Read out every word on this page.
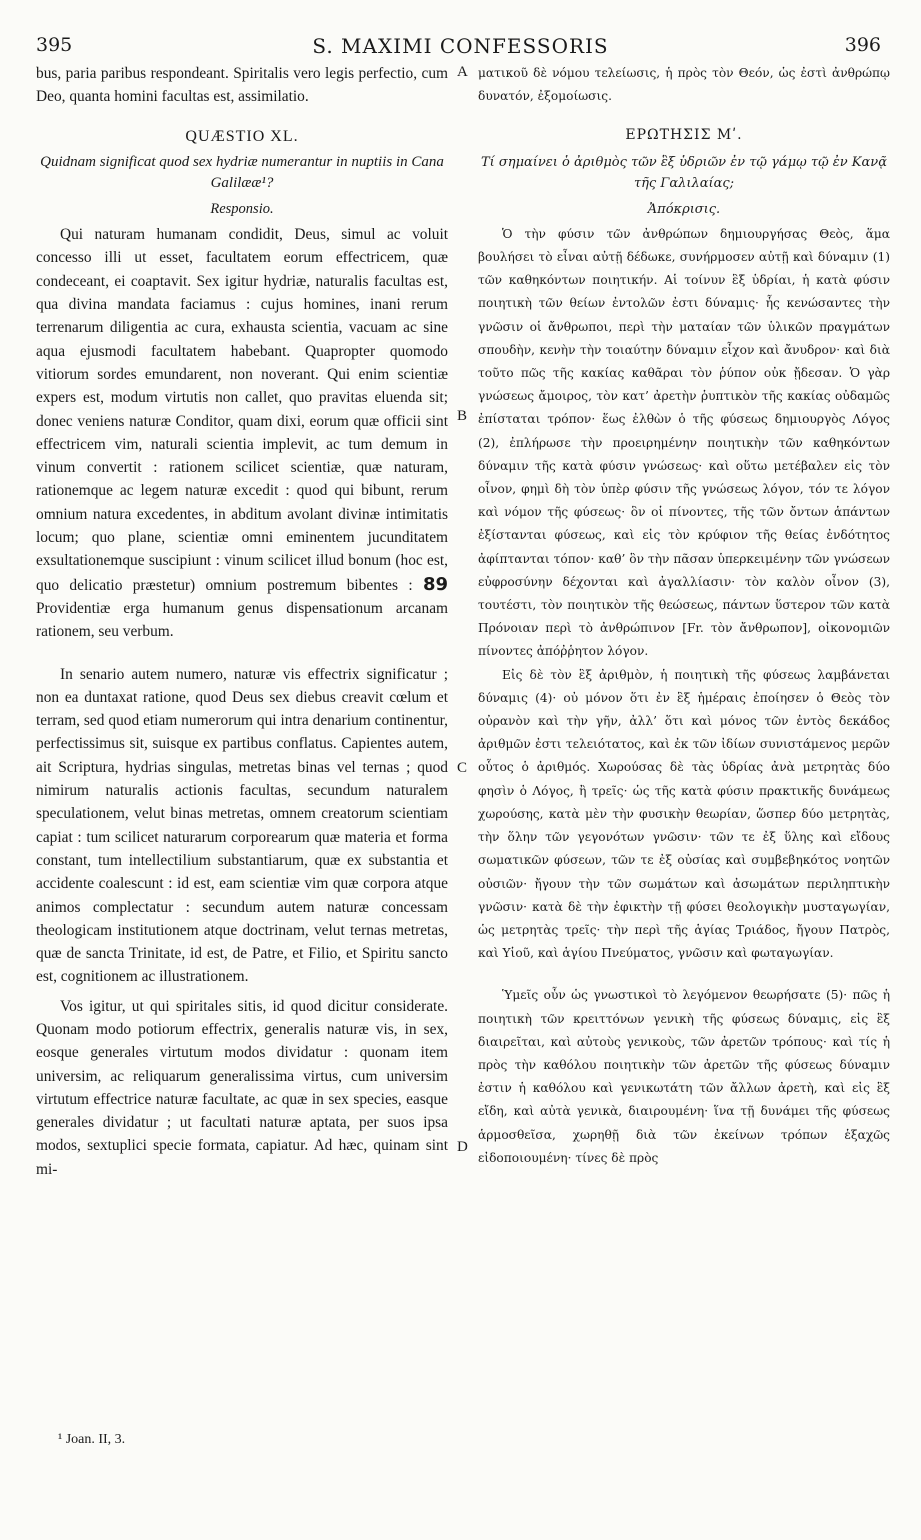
395	S. MAXIMI CONFESSORIS	396
A
B
C
D

bus, paria paribus respondeant. Spiritalis vero legis perfectio, cum Deo, quanta homini facultas est, assimilatio.

QUÆSTIO XL.
Quidnam significat quod sex hydriæ numerantur in nuptiis in Cana Galilææ¹?
Responsio.

Qui naturam humanam condidit, Deus, simul ac voluit concesso illi ut esset, facultatem eorum effectricem, quæ condeceant, ei coaptavit. Sex igitur hydriæ, naturalis facultas est, qua divina mandata faciamus : cujus homines, inani rerum terrenarum diligentia ac cura, exhausta scientia, vacuam ac sine aqua ejusmodi facultatem habebant. Quapropter quomodo vitiorum sordes emundarent, non noverant. Qui enim scientiæ expers est, modum virtutis non callet, quo pravitas eluenda sit; donec veniens naturæ Conditor, quam dixi, eorum quæ officii sint effectricem vim, naturali scientia implevit, ac tum demum in vinum convertit : rationem scilicet scientiæ, quæ naturam, rationemque ac legem naturæ excedit : quod qui bibunt, rerum omnium natura excedentes, in abditum avolant divinæ intimitatis locum; quo plane, scientiæ omni eminentem jucunditatem exsultationemque suscipiunt : vinum scilicet illud bonum (hoc est, quo delicatio præstetur) omnium postremum bibentes : 89 Providentiæ erga humanum genus dispensationum arcanam rationem, seu verbum.

In senario autem numero, naturæ vis effectrix significatur ; non ea duntaxat ratione, quod Deus sex diebus creavit cœlum et terram, sed quod etiam numerorum qui intra denarium continentur, perfectissimus sit, suisque ex partibus conflatus. Capientes autem, ait Scriptura, hydrias singulas, metretas binas vel ternas ; quod nimirum naturalis actionis facultas, secundum naturalem speculationem, velut binas metretas, omnem creatorum scientiam capiat : tum scilicet naturarum corporearum quæ materia et forma constant, tum intellectilium substantiarum, quæ ex substantia et accidente coalescunt : id est, eam scientiæ vim quæ corpora atque animos complectatur : secundum autem naturæ concessam theologicam institutionem atque doctrinam, velut ternas metretas, quæ de sancta Trinitate, id est, de Patre, et Filio, et Spiritu sancto est, cognitionem ac illustrationem.

Vos igitur, ut qui spiritales sitis, id quod dicitur considerate. Quonam modo potiorum effectrix, generalis naturæ vis, in sex, eosque generales virtutum modos dividatur : quonam item universim, ac reliquarum generalissima virtus, cum universim virtutum effectrice naturæ facultate, ac quæ in sex species, easque generales dividatur ; ut facultati naturæ aptata, per suos ipsa modos, sextuplici specie formata, capiatur. Ad hæc, quinam sint mi-

ματικοῦ δὲ νόμου τελείωσις, ἡ πρὸς τὸν Θεόν, ὡς ἐστὶ ἀνθρώπῳ δυνατόν, ἐξομοίωσις.

ΕΡΩΤΗΣΙΣ Μʹ.
Τί σημαίνει ὁ ἀριθμὸς τῶν ἓξ ὑδριῶν ἐν τῷ γάμῳ τῷ ἐν Κανᾷ τῆς Γαλιλαίας;
Ἀπόκρισις.

Ὁ τὴν φύσιν τῶν ἀνθρώπων δημιουργήσας Θεὸς, ἅμα βουλήσει τὸ εἶναι αὐτῇ δέδωκε, συνήρμοσεν αὐτῇ καὶ δύναμιν (1) τῶν καθηκόντων ποιητικήν. Αἱ τοίνυν ἓξ ὑδρίαι, ἡ κατὰ φύσιν ποιητικὴ τῶν θείων ἐντολῶν ἐστι δύναμις· ἧς κενώσαντες τὴν γνῶσιν οἱ ἄνθρωποι, περὶ τὴν ματαίαν τῶν ὑλικῶν πραγμάτων σπουδὴν, κενὴν τὴν τοιαύτην δύναμιν εἶχον καὶ ἄνυδρον· καὶ διὰ τοῦτο πῶς τῆς κακίας καθᾶραι τὸν ῥύπον οὐκ ᾔδεσαν. Ὁ γὰρ γνώσεως ἄμοιρος, τὸν κατ’ ἀρετὴν ῥυπτικὸν τῆς κακίας οὐδαμῶς ἐπίσταται τρόπον· ἕως ἐλθὼν ὁ τῆς φύσεως δημιουργὸς Λόγος (2), ἐπλήρωσε τὴν προειρημένην ποιητικὴν τῶν καθηκόντων δύναμιν τῆς κατὰ φύσιν γνώσεως· καὶ οὕτω μετέβαλεν εἰς τὸν οἶνον, φημὶ δὴ τὸν ὑπὲρ φύσιν τῆς γνώσεως λόγον, τόν τε λόγον καὶ νόμον τῆς φύσεως· ὃν οἱ πίνοντες, τῆς τῶν ὄντων ἁπάντων ἐξίστανται φύσεως, καὶ εἰς τὸν κρύφιον τῆς θείας ἐνδότητος ἀφίπτανται τόπον· καθ’ ὃν τὴν πᾶσαν ὑπερκειμένην τῶν γνώσεων εὐφροσύνην δέχονται καὶ ἀγαλλίασιν· τὸν καλὸν οἶνον (3), τουτέστι, τὸν ποιητικὸν τῆς θεώσεως, πάντων ὕστερον τῶν κατὰ Πρόνοιαν περὶ τὸ ἀνθρώπινον [Fr. τὸν ἄνθρωπον], οἰκονομιῶν πίνοντες ἀπόῤῥητον λόγον.

Εἰς δὲ τὸν ἓξ ἀριθμὸν, ἡ ποιητικὴ τῆς φύσεως λαμβάνεται δύναμις (4)· οὐ μόνον ὅτι ἐν ἓξ ἡμέραις ἐποίησεν ὁ Θεὸς τὸν οὐρανὸν καὶ τὴν γῆν, ἀλλ’ ὅτι καὶ μόνος τῶν ἐντὸς δεκάδος ἀριθμῶν ἐστι τελειότατος, καὶ ἐκ τῶν ἰδίων συνιστάμενος μερῶν οὗτος ὁ ἀριθμός. Χωρούσας δὲ τὰς ὑδρίας ἀνὰ μετρητὰς δύο φησὶν ὁ Λόγος, ἢ τρεῖς· ὡς τῆς κατὰ φύσιν πρακτικῆς δυνάμεως χωρούσης, κατὰ μὲν τὴν φυσικὴν θεωρίαν, ὥσπερ δύο μετρητὰς, τὴν ὅλην τῶν γεγονότων γνῶσιν· τῶν τε ἐξ ὕλης καὶ εἴδους σωματικῶν φύσεων, τῶν τε ἐξ οὐσίας καὶ συμβεβηκότος νοητῶν οὐσιῶν· ἤγουν τὴν τῶν σωμάτων καὶ ἀσωμάτων περιληπτικὴν γνῶσιν· κατὰ δὲ τὴν ἐφικτὴν τῇ φύσει θεολογικὴν μυσταγωγίαν, ὡς μετρητὰς τρεῖς· τὴν περὶ τῆς ἁγίας Τριάδος, ἤγουν Πατρὸς, καὶ Υἱοῦ, καὶ ἁγίου Πνεύματος, γνῶσιν καὶ φωταγωγίαν.

Ὑμεῖς οὖν ὡς γνωστικοὶ τὸ λεγόμενον θεωρήσατε (5)· πῶς ἡ ποιητικὴ τῶν κρειττόνων γενικὴ τῆς φύσεως δύναμις, εἰς ἓξ διαιρεῖται, καὶ αὐτοὺς γενικοὺς, τῶν ἀρετῶν τρόπους· καὶ τίς ἡ πρὸς τὴν καθόλου ποιητικὴν τῶν ἀρετῶν τῆς φύσεως δύναμιν ἐστιν ἡ καθόλου καὶ γενικωτάτη τῶν ἄλλων ἀρετὴ, καὶ εἰς ἓξ εἴδη, καὶ αὐτὰ γενικὰ, διαιρουμένη· ἵνα τῇ δυνάμει τῆς φύσεως ἁρμοσθεῖσα, χωρηθῇ διὰ τῶν ἐκείνων τρόπων ἑξαχῶς εἰδοποιουμένη· τίνες δὲ πρὸς

¹ Joan. II, 3.
